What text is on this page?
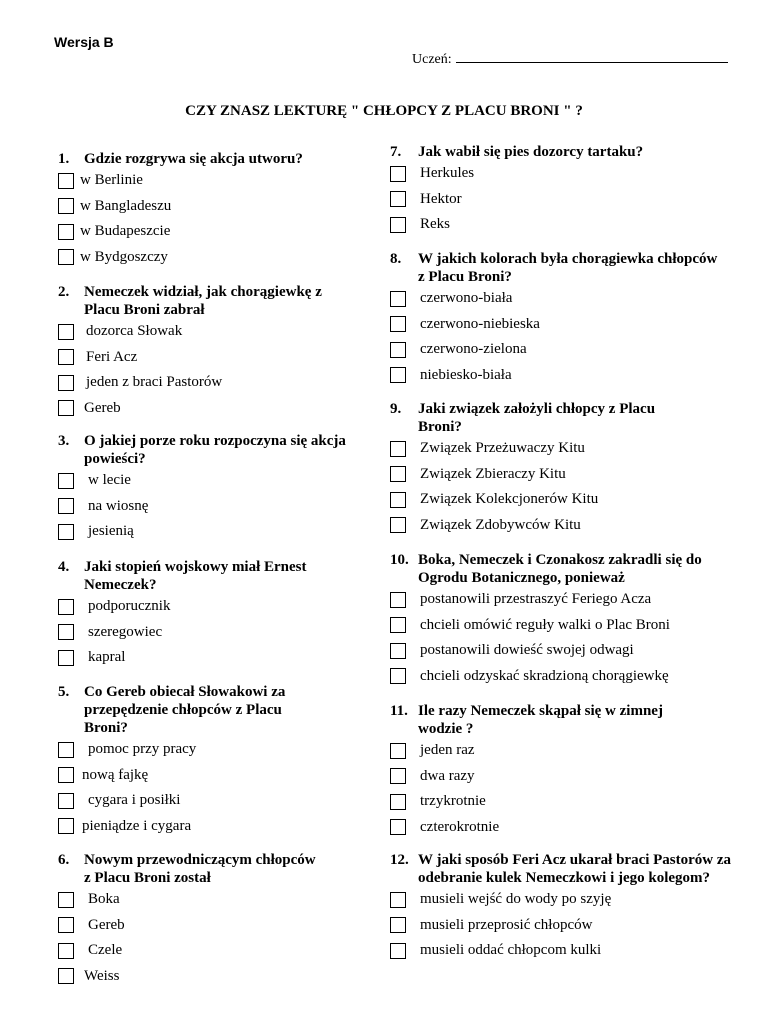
Wersja B
Uczeń:
CZY ZNASZ LEKTURĘ " CHŁOPCY Z PLACU BRONI " ?
1. Gdzie rozgrywa się akcja utworu?
w Berlinie
w Bangladeszu
w Budapeszcie
w Bydgoszczy
2. Nemeczek widział, jak chorągiewkę z Placu Broni zabrał
dozorca Słowak
Feri Acz
jeden z braci Pastorów
Gereb
3. O jakiej porze roku rozpoczyna się akcja powieści?
w lecie
na wiosnę
jesienią
4. Jaki stopień wojskowy miał Ernest Nemeczek?
podporucznik
szeregowiec
kapral
5. Co Gereb obiecał Słowakowi za przepędzenie chłopców z Placu Broni?
pomoc przy pracy
nową fajkę
cygara i posiłki
pieniądze i cygara
6. Nowym przewodniczącym chłopców z Placu Broni został
Boka
Gereb
Czele
Weiss
7.	Jak wabił się pies dozorcy tartaku?
Herkules
Hektor
Reks
8.	W jakich kolorach była chorągiewka chłopców z Placu Broni?
czerwono-biała
czerwono-niebieska
czerwono-zielona
niebiesko-biała
9.	Jaki związek założyli chłopcy z Placu Broni?
Związek Przeżuwaczy Kitu
Związek Zbieraczy Kitu
Związek Kolekcjonerów Kitu
Związek Zdobywców Kitu
10. Boka, Nemeczek i Czonakosz zakradli się do Ogrodu Botanicznego, ponieważ
postanowili przestraszyć Feriego Acza
chcieli omówić reguły walki o Plac Broni
postanowili dowieść swojej odwagi
chcieli odzyskać skradzioną chorągiewkę
11. Ile razy Nemeczek skąpał się w zimnej wodzie ?
jeden raz
dwa razy
trzykrotnie
czterokrotnie
12. W jaki sposób Feri Acz ukarał braci Pastorów za odebranie kulek Nemeczkowi i jego kolegom?
musieli wejść do wody po szyję
musieli przeprosić chłopców
musieli oddać chłopcom kulki
